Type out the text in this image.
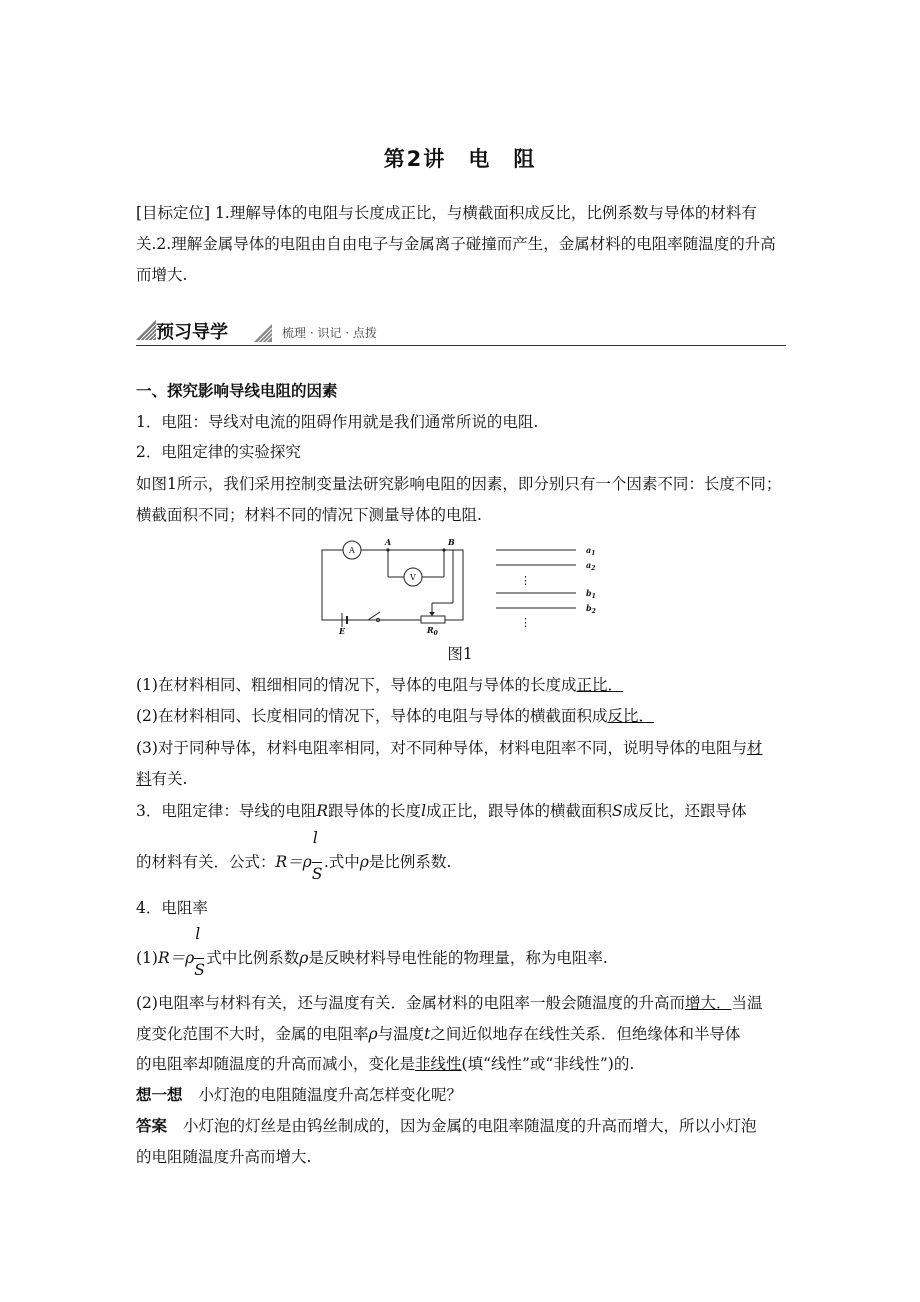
第2讲 电 阻
[目标定位] 1.理解导体的电阻与长度成正比，与横截面积成反比，比例系数与导体的材料有关.2.理解金属导体的电阻由自由电子与金属离子碰撞而产生，金属材料的电阻率随温度的升高而增大.
预习导学	梳理 · 识记 · 点拨
一、探究影响导线电阻的因素
1．电阻：导线对电流的阻碍作用就是我们通常所说的电阻.
2．电阻定律的实验探究
如图1所示，我们采用控制变量法研究影响电阻的因素，即分别只有一个因素不同：长度不同；横截面积不同；材料不同的情况下测量导体的电阻.
A
V
A	B
E	$R_0$
$a_1$
$a_2$
$b_1$
$b_2$
⋮
⋮
图1
(1)在材料相同、粗细相同的情况下，导体的电阻与导体的长度成正比．
(2)在材料相同、长度相同的情况下，导体的电阻与导体的横截面积成反比．
(3)对于同种导体，材料电阻率相同，对不同种导体，材料电阻率不同，说明导体的电阻与材
料有关.
3．电阻定律：导线的电阻R跟导体的长度l成正比，跟导体的横截面积S成反比，还跟导体
的材料有关．公式：$R=\rho \frac{l}{S}$ .式中ρ是比例系数.
4．电阻率
$(1)R=\rho \frac{l}{S}$ 式中比例系数ρ是反映材料导电性能的物理量，称为电阻率.
(2)电阻率与材料有关，还与温度有关．金属材料的电阻率一般会随温度的升高而增大．当温
度变化范围不大时，金属的电阻率ρ与温度t之间近似地存在线性关系．但绝缘体和半导体
的电阻率却随温度的升高而减小，变化是非线性(填“线性”或“非线性”)的.
想一想 小灯泡的电阻随温度升高怎样变化呢？
答案 小灯泡的灯丝是由钨丝制成的，因为金属的电阻率随温度的升高而增大，所以小灯泡
的电阻随温度升高而增大.
